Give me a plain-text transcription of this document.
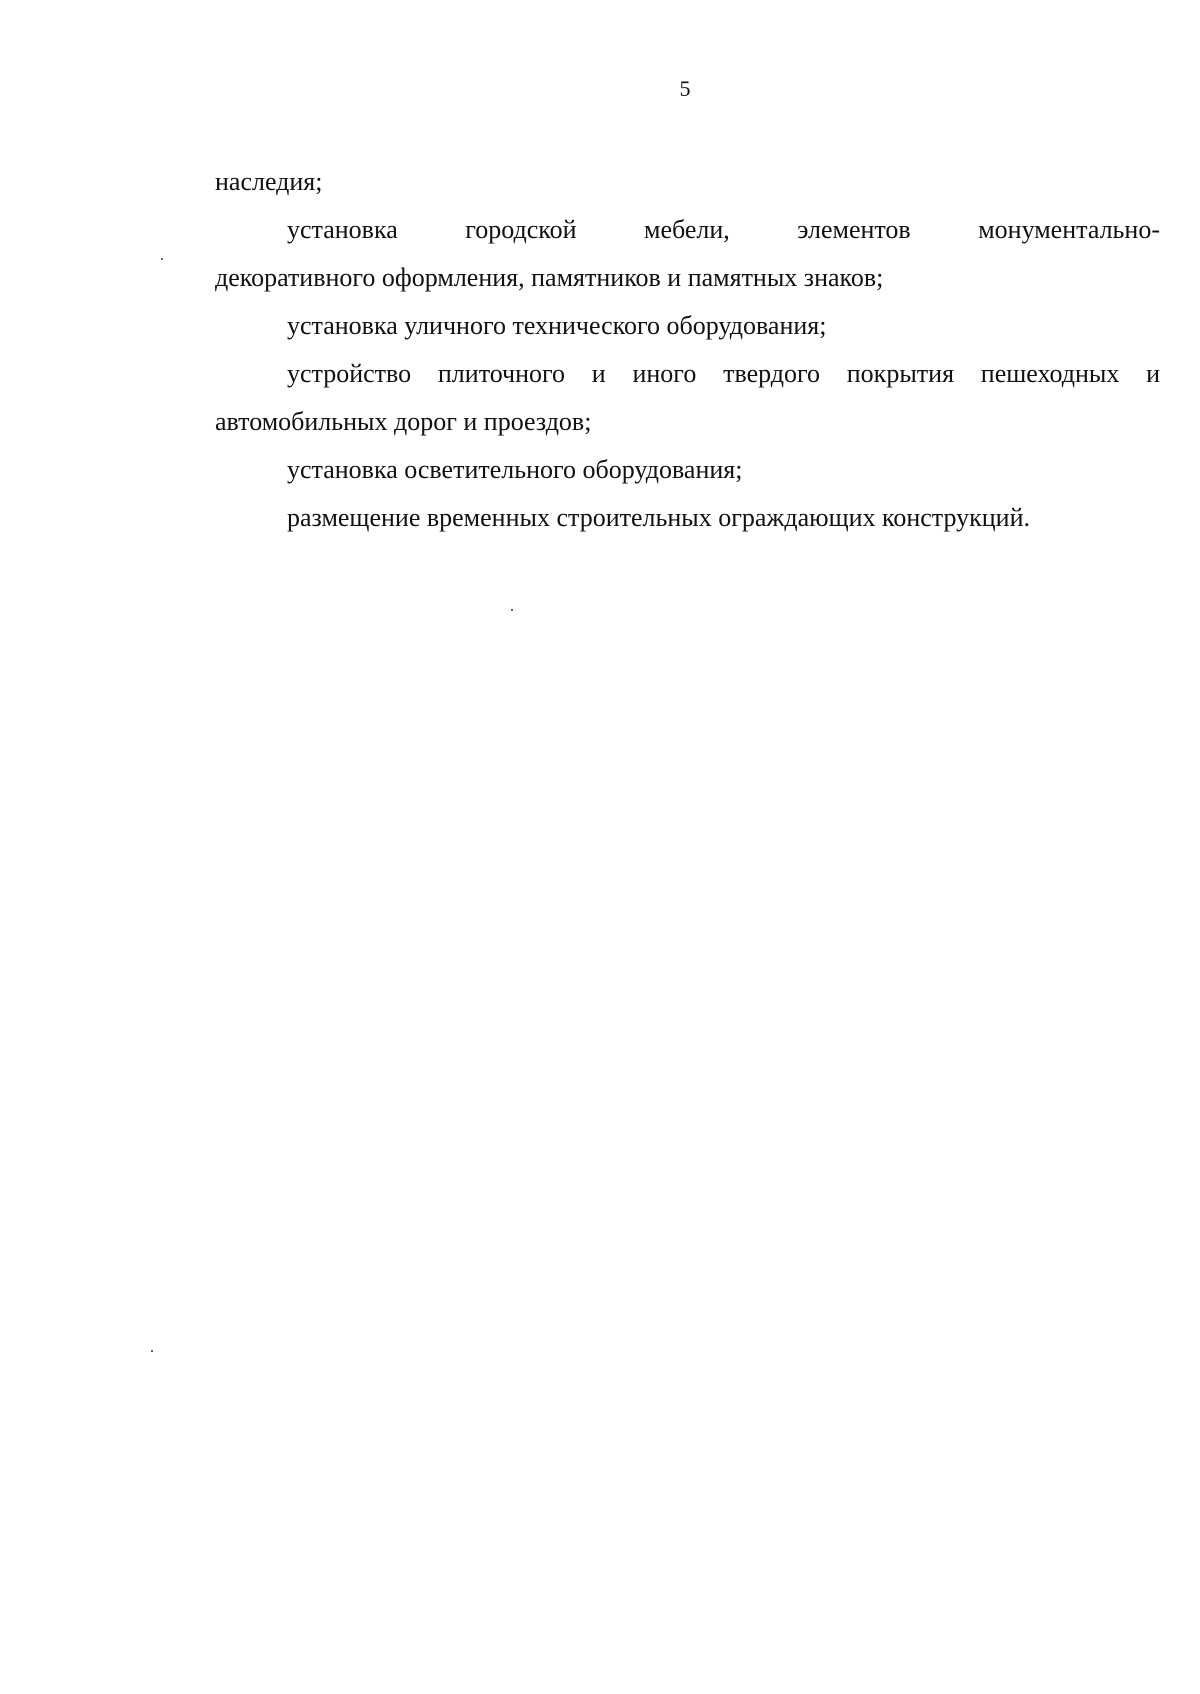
5

наследия;

установка городской мебели, элементов монументально-
декоративного оформления, памятников и памятных знаков;

установка уличного технического оборудования;

устройство плиточного и иного твердого покрытия пешеходных и
автомобильных дорог и проездов;

установка осветительного оборудования;

размещение временных строительных ограждающих конструкций.
